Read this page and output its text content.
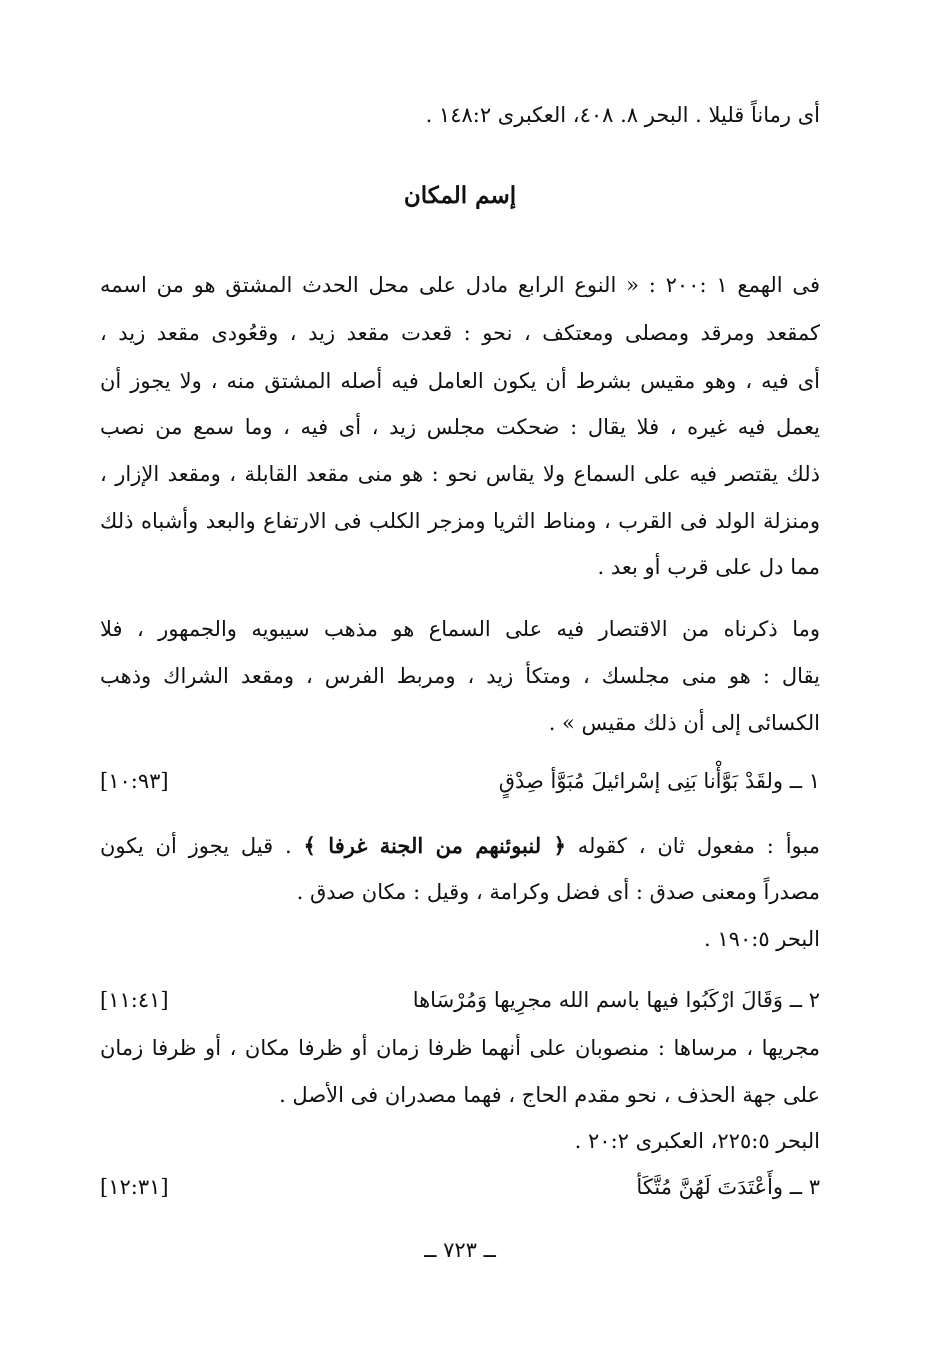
أى رماناً قليلا . البحر ٨. ٤٠٨، العكبرى ١٤٨:٢ .
إسم المكان
فى الهمع ١ :٢٠٠ : « النوع الرابع مادل على محل الحدث المشتق هو من اسمه
كمقعد ومرقد ومصلى ومعتكف ، نحو : قعدت مقعد زيد ، وقعُودى مقعد زيد ،
أى فيه ، وهو مقيس بشرط أن يكون العامل فيه أصله المشتق منه ، ولا يجوز أن
يعمل فيه غيره ، فلا يقال : ضحكت مجلس زيد ، أى فيه ، وما سمع من نصب
ذلك يقتصر فيه على السماع ولا يقاس نحو : هو منى مقعد القابلة ، ومقعد الإزار ،
ومنزلة الولد فى القرب ، ومناط الثريا ومزجر الكلب فى الارتفاع والبعد وأشباه ذلك
مما دل على قرب أو بعد .
وما ذكرناه من الاقتصار فيه على السماع هو مذهب سيبويه والجمهور ، فلا
يقال : هو منى مجلسك ، ومتكأ زيد ، ومربط الفرس ، ومقعد الشراك وذهب
الكسائى إلى أن ذلك مقيس » .
١ ــ ولقَدْ بَوَّأْنا بَنِى إسْرائيلَ مُبَوَّأ صِدْقٍ
[١٠:٩٣]
مبوأ : مفعول ثان ، كقوله ﴿ لنبوئنهم من الجنة غرفا ﴾ . قيل يجوز أن يكون
مصدراً ومعنى صدق : أى فضل وكرامة ، وقيل : مكان صدق .
البحر ١٩٠:٥ .
٢ ــ وَقَالَ ارْكَبُوا فيها باسم الله مجرِيها وَمُرْسَاها
[١١:٤١]
مجريها ، مرساها : منصوبان على أنهما ظرفا زمان أو ظرفا مكان ، أو ظرفا زمان
على جهة الحذف ، نحو مقدم الحاج ، فهما مصدران فى الأصل .
البحر ٢٢٥:٥، العكبرى ٢٠:٢ .
٣ ــ وأَعْتَدَتَ لَهُنَّ مُتَّكَأ
[١٢:٣١]
ــ ٧٢٣ ــ
